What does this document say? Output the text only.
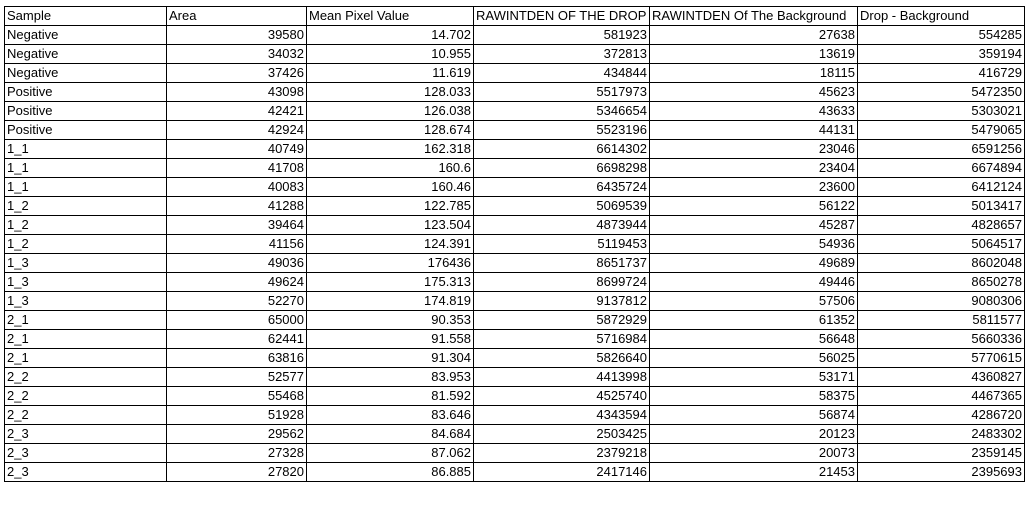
Sample	Area	Mean Pixel Value	RAWINTDEN OF THE DROP	RAWINTDEN Of The Background	Drop - Background
Negative	39580	14.702	581923	27638	554285
Negative	34032	10.955	372813	13619	359194
Negative	37426	11.619	434844	18115	416729
Positive	43098	128.033	5517973	45623	5472350
Positive	42421	126.038	5346654	43633	5303021
Positive	42924	128.674	5523196	44131	5479065
1_1	40749	162.318	6614302	23046	6591256
1_1	41708	160.6	6698298	23404	6674894
1_1	40083	160.46	6435724	23600	6412124
1_2	41288	122.785	5069539	56122	5013417
1_2	39464	123.504	4873944	45287	4828657
1_2	41156	124.391	5119453	54936	5064517
1_3	49036	176436	8651737	49689	8602048
1_3	49624	175.313	8699724	49446	8650278
1_3	52270	174.819	9137812	57506	9080306
2_1	65000	90.353	5872929	61352	5811577
2_1	62441	91.558	5716984	56648	5660336
2_1	63816	91.304	5826640	56025	5770615
2_2	52577	83.953	4413998	53171	4360827
2_2	55468	81.592	4525740	58375	4467365
2_2	51928	83.646	4343594	56874	4286720
2_3	29562	84.684	2503425	20123	2483302
2_3	27328	87.062	2379218	20073	2359145
2_3	27820	86.885	2417146	21453	2395693
